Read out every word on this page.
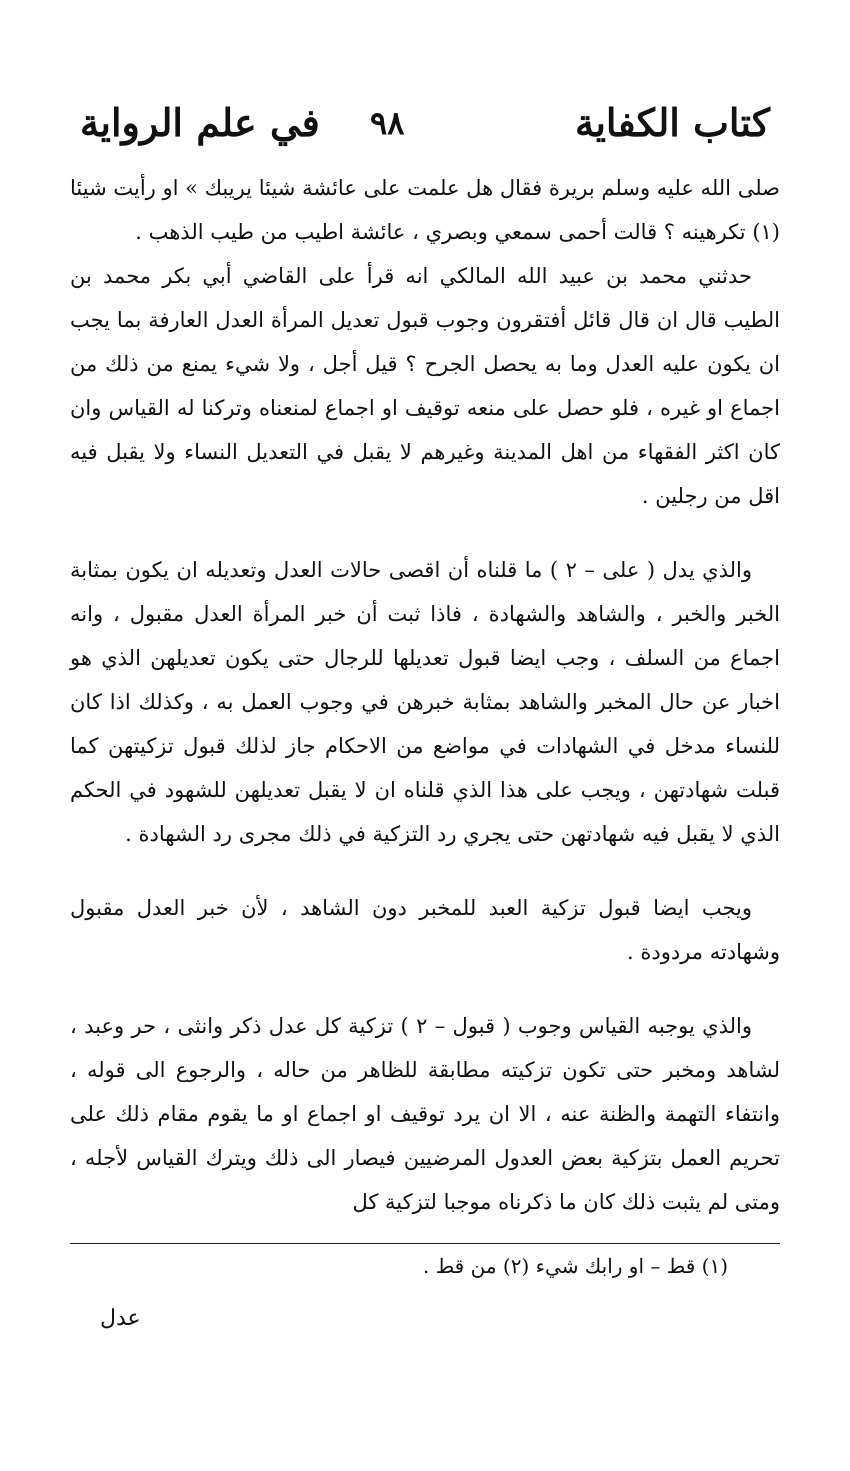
كتاب الكفاية
٩٨
في علم الرواية

صلى الله عليه وسلم بريرة فقال هل علمت على عائشة شيئا يريبك » او رأيت شيئا (١) تكرهينه ؟ قالت أحمى سمعي وبصري ، عائشة اطيب من طيب الذهب .

حدثني محمد بن عبيد الله المالكي انه قرأ على القاضي أبي بكر محمد بن الطيب قال ان قال قائل أفتقرون وجوب قبول تعديل المرأة العدل العارفة بما يجب ان يكون عليه العدل وما به يحصل الجرح ؟ قيل أجل ، ولا شيء يمنع من ذلك من اجماع او غيره ، فلو حصل على منعه توقيف او اجماع لمنعناه وتركنا له القياس وان كان اكثر الفقهاء من اهل المدينة وغيرهم لا يقبل في التعديل النساء ولا يقبل فيه اقل من رجلين .

والذي يدل ( على – ٢ ) ما قلناه أن اقصى حالات العدل وتعديله ان يكون بمثابة الخبر والخبر ، والشاهد والشهادة ، فاذا ثبت أن خبر المرأة العدل مقبول ، وانه اجماع من السلف ، وجب ايضا قبول تعديلها للرجال حتى يكون تعديلهن الذي هو اخبار عن حال المخبر والشاهد بمثابة خبرهن في وجوب العمل به ، وكذلك اذا كان للنساء مدخل في الشهادات في مواضع من الاحكام جاز لذلك قبول تزكيتهن كما قبلت شهادتهن ، ويجب على هذا الذي قلناه ان لا يقبل تعديلهن للشهود في الحكم الذي لا يقبل فيه شهادتهن حتى يجري رد التزكية في ذلك مجرى رد الشهادة .

ويجب ايضا قبول تزكية العبد للمخبر دون الشاهد ، لأن خبر العدل مقبول وشهادته مردودة .

والذي يوجبه القياس وجوب ( قبول – ٢ ) تزكية كل عدل ذكر وانثى ، حر وعبد ، لشاهد ومخبر حتى تكون تزكيته مطابقة للظاهر من حاله ، والرجوع الى قوله ، وانتفاء التهمة والظنة عنه ، الا ان يرد توقيف او اجماع او ما يقوم مقام ذلك على تحريم العمل بتزكية بعض العدول المرضيين فيصار الى ذلك ويترك القياس لأجله ، ومتى لم يثبت ذلك كان ما ذكرناه موجبا لتزكية كل

(١) قط – او رابك شيء (٢) من قط .
عدل
